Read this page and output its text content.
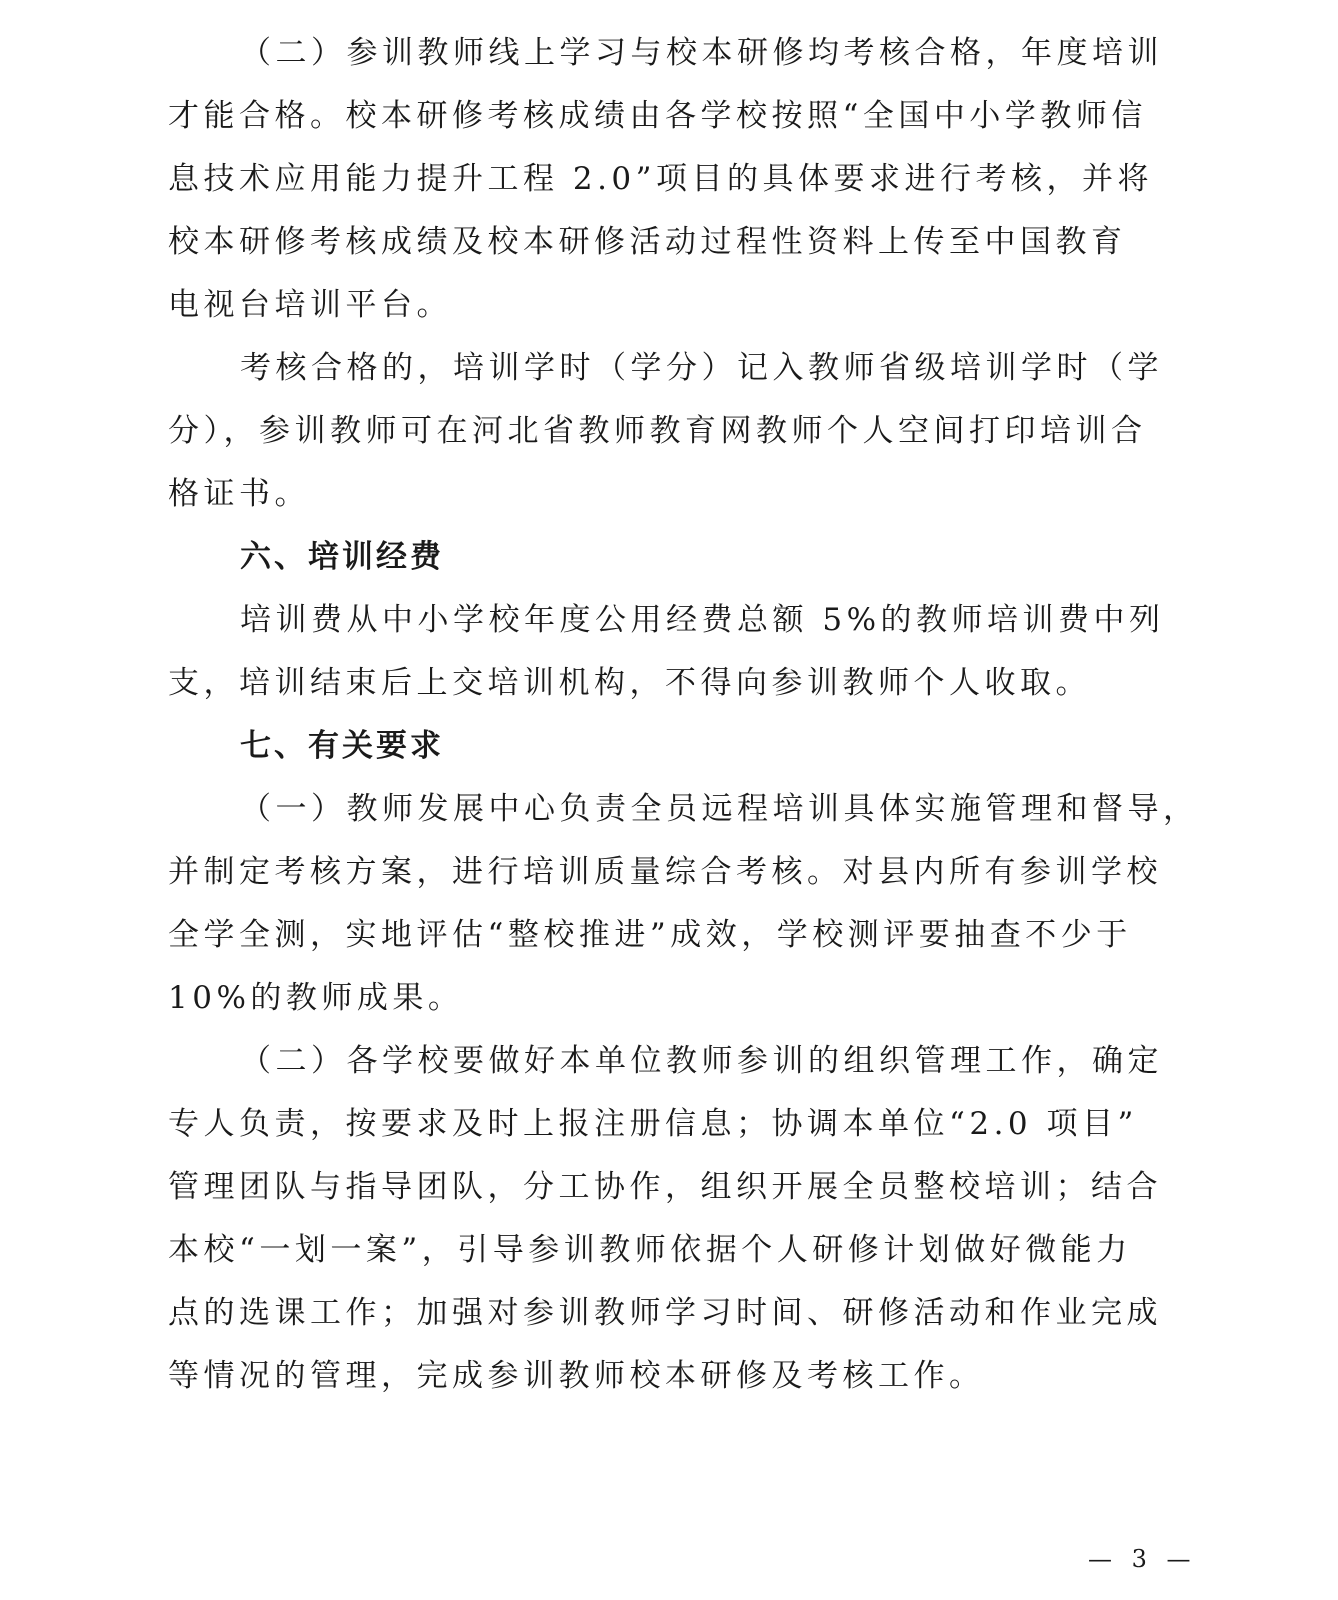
（二）参训教师线上学习与校本研修均考核合格，年度培训
才能合格。校本研修考核成绩由各学校按照“全国中小学教师信
息技术应用能力提升工程 2.0”项目的具体要求进行考核，并将
校本研修考核成绩及校本研修活动过程性资料上传至中国教育
电视台培训平台。
考核合格的，培训学时（学分）记入教师省级培训学时（学
分），参训教师可在河北省教师教育网教师个人空间打印培训合
格证书。
六、培训经费
培训费从中小学校年度公用经费总额 5%的教师培训费中列
支，培训结束后上交培训机构，不得向参训教师个人收取。
七、有关要求
（一）教师发展中心负责全员远程培训具体实施管理和督导，
并制定考核方案，进行培训质量综合考核。对县内所有参训学校
全学全测，实地评估“整校推进”成效，学校测评要抽查不少于
10%的教师成果。
（二）各学校要做好本单位教师参训的组织管理工作，确定
专人负责，按要求及时上报注册信息；协调本单位“2.0 项目”
管理团队与指导团队，分工协作，组织开展全员整校培训；结合
本校“一划一案”，引导参训教师依据个人研修计划做好微能力
点的选课工作；加强对参训教师学习时间、研修活动和作业完成
等情况的管理，完成参训教师校本研修及考核工作。
— 3 —
